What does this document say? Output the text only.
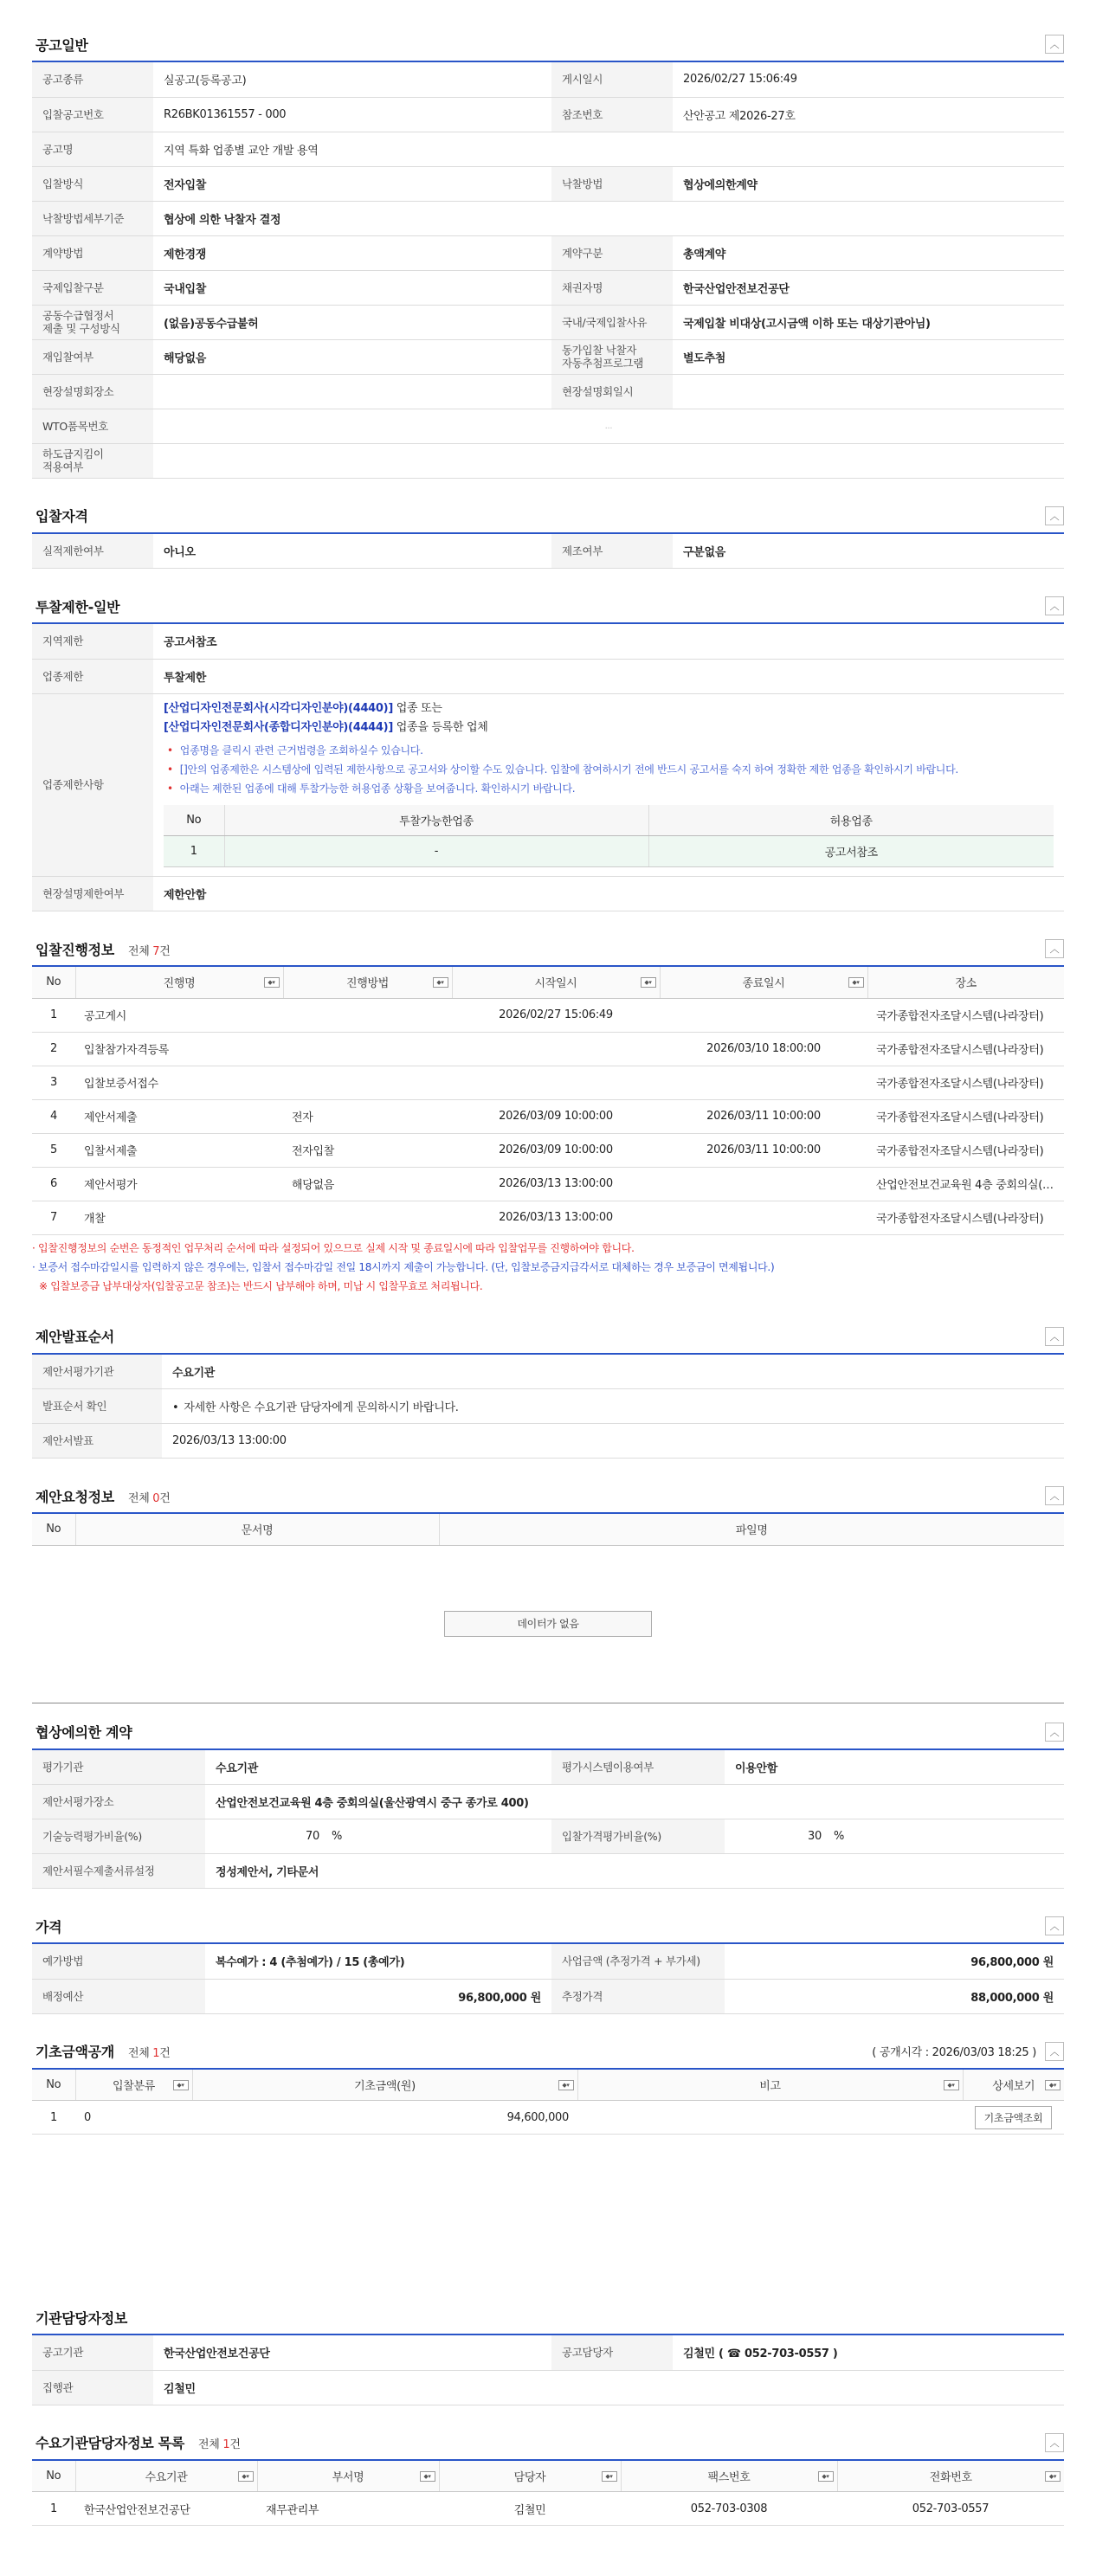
공고일반	︿
공고종류	실공고(등록공고)	게시일시	2026/02/27 15:06:49
입찰공고번호	R26BK01361557 - 000	참조번호	산안공고 제2026-27호
공고명	지역 특화 업종별 교안 개발 용역		
입찰방식	전자입찰	낙찰방법	협상에의한계약
낙찰방법세부기준	협상에 의한 낙찰자 결정		
계약방법	제한경쟁	계약구분	총액계약
국제입찰구분	국내입찰	채권자명	한국산업안전보건공단
공동수급협정서
제출 및 구성방식	(없음)공동수급불허	국내/국제입찰사유	국제입찰 비대상(고시금액 이하 또는 대상기관아님)
재입찰여부	해당없음	동가입찰 낙찰자
자동추첨프로그램	별도추첨
현장설명회장소		현장설명회일시	
WTO품목번호	...		
하도급지킴이
적용여부			
입찰자격	︿
실적제한여부	아니오	제조여부	구분없음
투찰제한-일반	︿
지역제한	공고서참조
업종제한	투찰제한
업종제한사항	
[산업디자인전문회사(시각디자인분야)(4440)] 업종 또는
[산업디자인전문회사(종합디자인분야)(4444)] 업종을 등록한 업체
• 업종명을 클릭시 관련 근거법령을 조회하실수 있습니다.
• []안의 업종제한은 시스템상에 입력된 제한사항으로 공고서와 상이할 수도 있습니다. 입찰에 참여하시기 전에 반드시 공고서를 숙지 하여 정확한 제한 업종을 확인하시기 바랍니다.
• 아래는 제한된 업종에 대해 투찰가능한 허용업종 상황을 보여줍니다. 확인하시기 바랍니다.
No	투찰가능한업종	허용업종
1	-	공고서참조

현장설명제한여부	제한안함
입찰진행정보 전체 7건	︿
No	진행명 ◆▾	진행방법 ◆▾	시작일시 ◆▾	종료일시 ◆▾	장소
1	공고게시		2026/02/27 15:06:49		국가종합전자조달시스템(나라장터)
2	입찰참가자격등록			2026/03/10 18:00:00	국가종합전자조달시스템(나라장터)
3	입찰보증서접수				국가종합전자조달시스템(나라장터)
4	제안서제출	전자	2026/03/09 10:00:00	2026/03/11 10:00:00	국가종합전자조달시스템(나라장터)
5	입찰서제출	전자입찰	2026/03/09 10:00:00	2026/03/11 10:00:00	국가종합전자조달시스템(나라장터)
6	제안서평가	해당없음	2026/03/13 13:00:00		산업안전보건교육원 4층 중회의실(…
7	개찰		2026/03/13 13:00:00		국가종합전자조달시스템(나라장터)
· 입찰진행정보의 순번은 동정적인 업무처리 순서에 따라 설정되어 있으므로 실제 시작 및 종료일시에 따라 입찰업무를 진행하여야 합니다.
· 보증서 접수마감일시를 입력하지 않은 경우에는, 입찰서 접수마감일 전일 18시까지 제출이 가능합니다. (단, 입찰보증금지급각서로 대체하는 경우 보증금이 면제됩니다.)
※ 입찰보증금 납부대상자(입찰공고문 참조)는 반드시 납부해야 하며, 미납 시 입찰무효로 처리됩니다.
제안발표순서	︿
제안서평가기관	수요기관
발표순서 확인	• 자세한 사항은 수요기관 담당자에게 문의하시기 바랍니다.
제안서발표	2026/03/13 13:00:00
제안요청정보 전체 0건	︿
No	문서명	파일명
데이터가 없음
협상에의한 계약	︿
평가기관	수요기관	평가시스템이용여부	이용안함
제안서평가장소	산업안전보건교육원 4층 중회의실(울산광역시 중구 종가로 400)		
기술능력평가비율(%)	70 %	입찰가격평가비율(%)	30 %
제안서필수제출서류설정	정성제안서, 기타문서		
가격	︿
예가방법	복수예가 : 4 (추첨예가) / 15 (총예가)	사업금액 (추정가격 + 부가세)	96,800,000 원
배정예산	96,800,000 원	추정가격	88,000,000 원
기초금액공개 전체 1건	( 공개시각 : 2026/03/03 18:25 )	︿
No	입찰분류 ◆▾	기초금액(원) ◆▾	비고 ◆▾	상세보기 ◆▾

1	0	94,600,000		기초금액조회
기관담당자정보
공고기관	한국산업안전보건공단	공고담당자	김철민 ( ☎ 052-703-0557 )
집행관	김철민		
수요기관담당자정보 목록 전체 1건	︿
No	수요기관 ◆▾	부서명 ◆▾	담당자 ◆▾	팩스번호 ◆▾	전화번호 ◆▾

1	한국산업안전보건공단	재무관리부	김철민	052-703-0308	052-703-0557
